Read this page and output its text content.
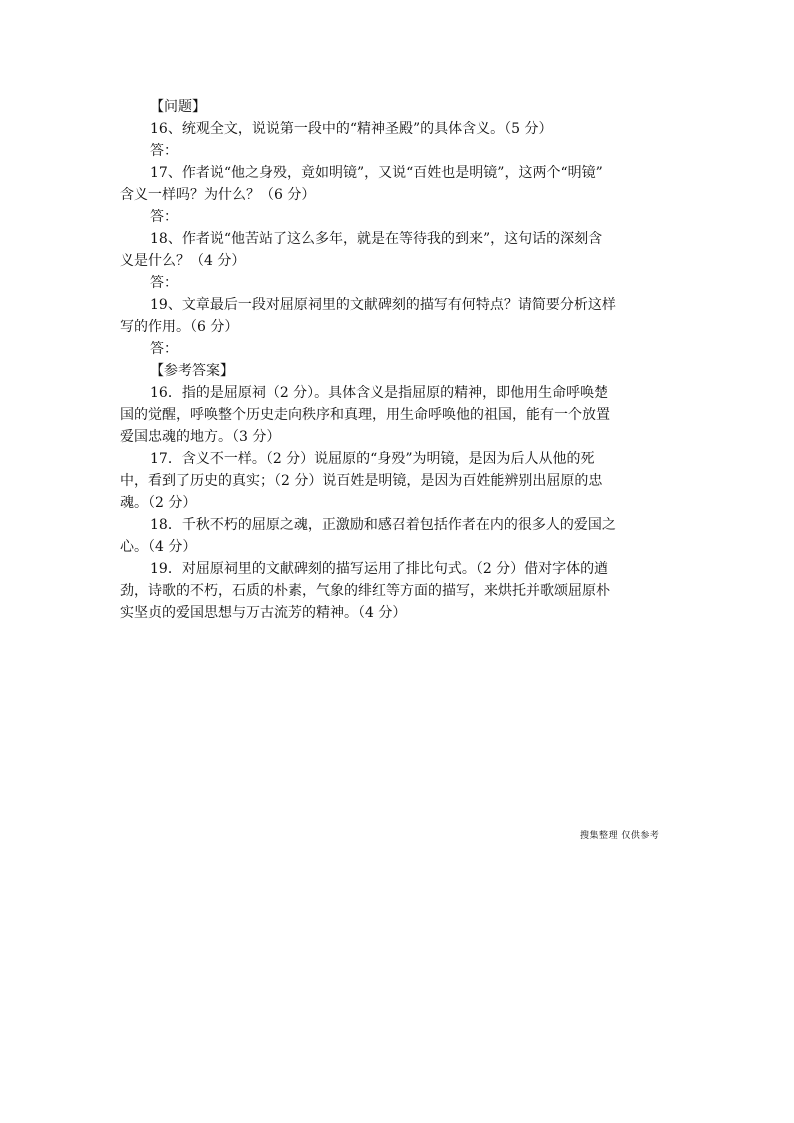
【问题】
16、统观全文，说说第一段中的“精神圣殿”的具体含义。（5 分）
答：
17、作者说“他之身殁，竟如明镜”，又说“百姓也是明镜”，这两个“明镜”
含义一样吗？为什么？（6 分）
答：
18、作者说“他苦站了这么多年，就是在等待我的到来”，这句话的深刻含
义是什么？（4 分）
答：
19、文章最后一段对屈原祠里的文献碑刻的描写有何特点？请简要分析这样
写的作用。（6 分）
答：
【参考答案】
16．指的是屈原祠（2 分）。具体含义是指屈原的精神，即他用生命呼唤楚
国的觉醒，呼唤整个历史走向秩序和真理，用生命呼唤他的祖国，能有一个放置
爱国忠魂的地方。（3 分）
17．含义不一样。（2 分）说屈原的“身殁”为明镜，是因为后人从他的死
中，看到了历史的真实；（2 分）说百姓是明镜，是因为百姓能辨别出屈原的忠
魂。（2 分）
18．千秋不朽的屈原之魂，正激励和感召着包括作者在内的很多人的爱国之
心。（4 分）
19．对屈原祠里的文献碑刻的描写运用了排比句式。（2 分）借对字体的遒
劲，诗歌的不朽，石质的朴素，气象的绯红等方面的描写，来烘托并歌颂屈原朴
实坚贞的爱国思想与万古流芳的精神。（4 分）
搜集整理 仅供参考
